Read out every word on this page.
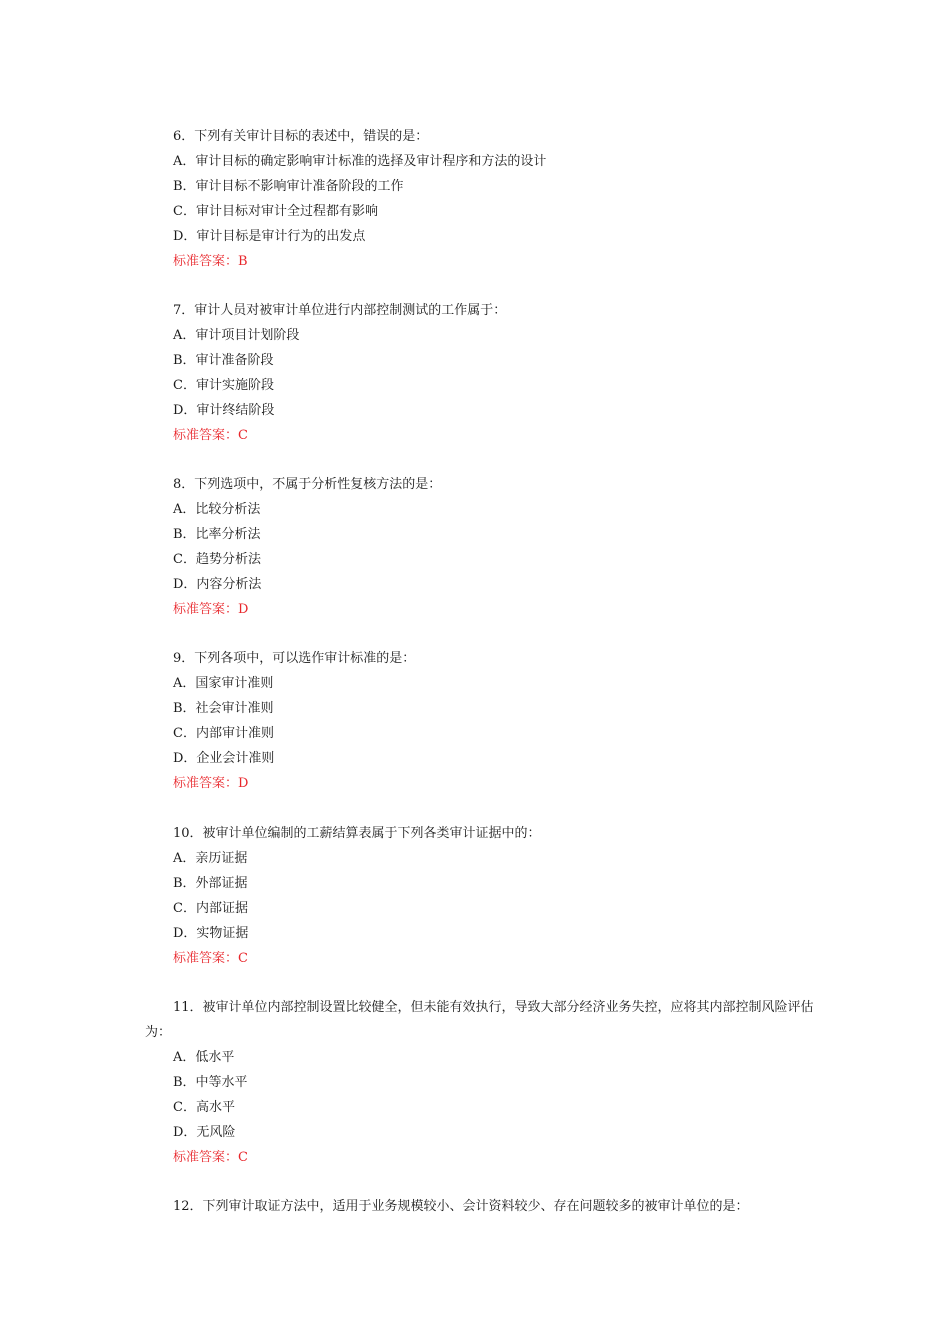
6．下列有关审计目标的表述中，错误的是：
A．审计目标的确定影响审计标准的选择及审计程序和方法的设计
B．审计目标不影响审计准备阶段的工作
C．审计目标对审计全过程都有影响
D．审计目标是审计行为的出发点
标准答案：B
7．审计人员对被审计单位进行内部控制测试的工作属于：
A．审计项目计划阶段
B．审计准备阶段
C．审计实施阶段
D．审计终结阶段
标准答案：C
8．下列选项中，不属于分析性复核方法的是：
A．比较分析法
B．比率分析法
C．趋势分析法
D．内容分析法
标准答案：D
9．下列各项中，可以选作审计标准的是：
A．国家审计准则
B．社会审计准则
C．内部审计准则
D．企业会计准则
标准答案：D
10．被审计单位编制的工薪结算表属于下列各类审计证据中的：
A．亲历证据
B．外部证据
C．内部证据
D．实物证据
标准答案：C
11．被审计单位内部控制设置比较健全，但未能有效执行，导致大部分经济业务失控，应将其内部控制风险评估为：
A．低水平
B．中等水平
C．高水平
D．无风险
标准答案：C
12．下列审计取证方法中，适用于业务规模较小、会计资料较少、存在问题较多的被审计单位的是：
